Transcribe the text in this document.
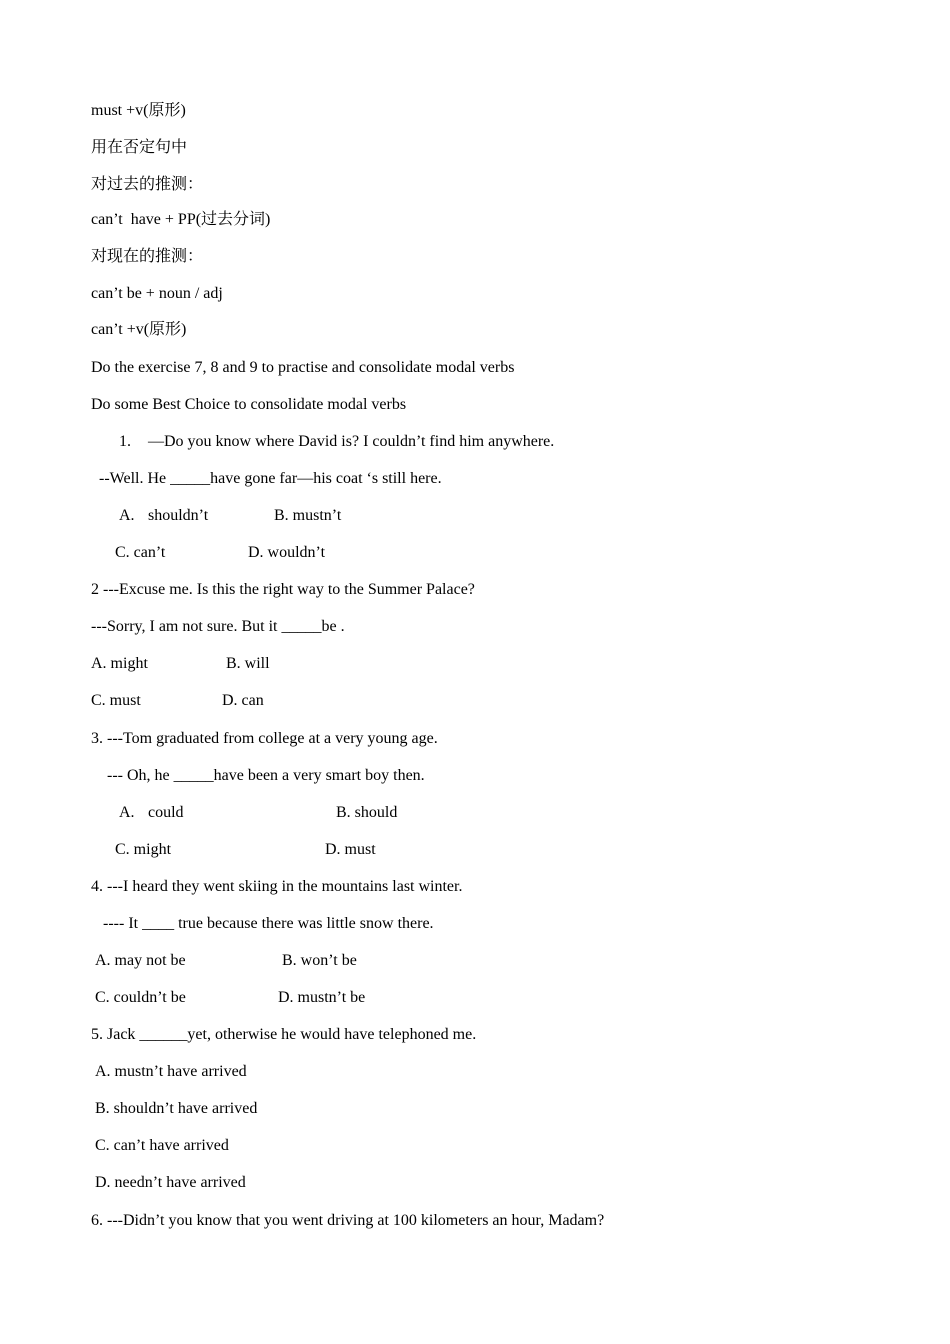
must +v(原形)
用在否定句中
对过去的推测：
can’t  have + PP(过去分词)
对现在的推测：
can’t be + noun / adj
can’t +v(原形)
Do the exercise 7, 8 and 9 to practise and consolidate modal verbs
Do some Best Choice to consolidate modal verbs
1. —Do you know where David is? I couldn’t find him anywhere.
--Well. He _____have gone far—his coat ‘s still here.
A. shouldn’t	B. mustn’t
C. can’t	D. wouldn’t
2 ---Excuse me. Is this the right way to the Summer Palace?
---Sorry, I am not sure. But it _____be .
A. might	B. will
C. must	D. can
3. ---Tom graduated from college at a very young age.
--- Oh, he _____have been a very smart boy then.
A. could	B. should
C. might	D. must
4. ---I heard they went skiing in the mountains last winter.
---- It ____ true because there was little snow there.
A. may not be	B. won’t be
C. couldn’t be	D. mustn’t be
5. Jack ______yet, otherwise he would have telephoned me.
A. mustn’t have arrived
B. shouldn’t have arrived
C. can’t have arrived
D. needn’t have arrived
6. ---Didn’t you know that you went driving at 100 kilometers an hour, Madam?
